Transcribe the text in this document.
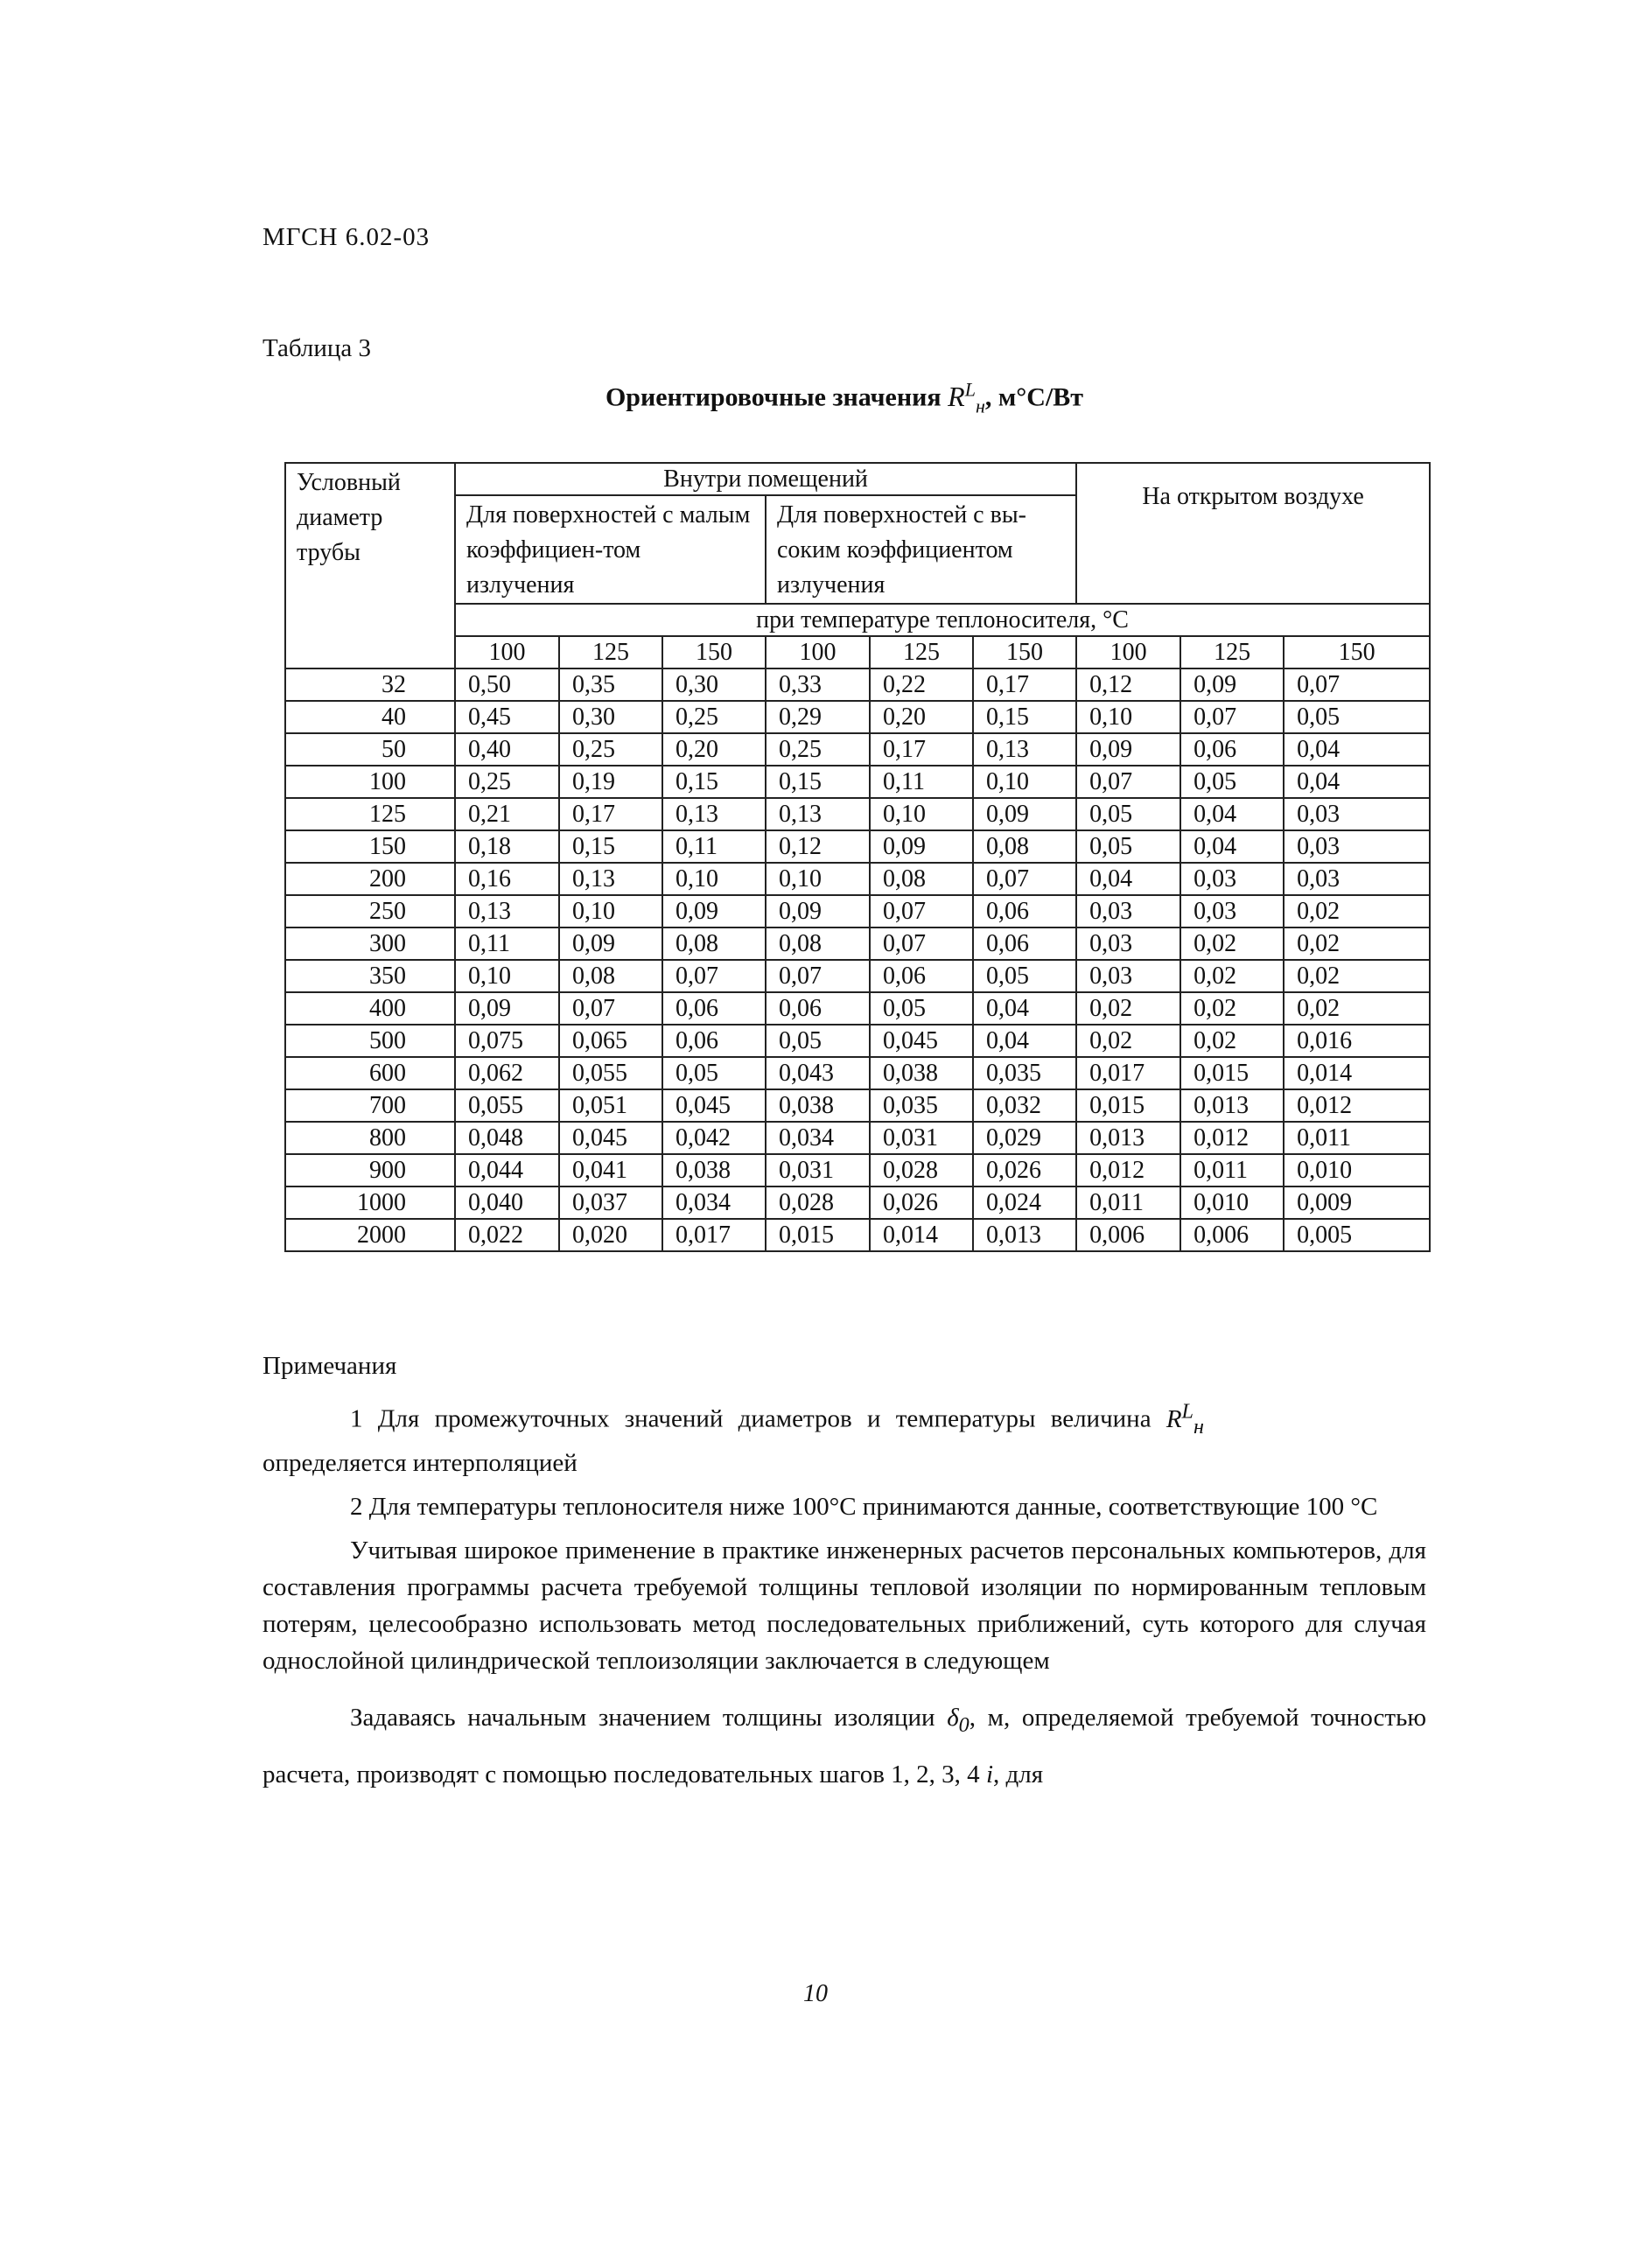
МГСН 6.02-03
Таблица 3
Ориентировочные значения $R^L_н$, м°С/Вт
Условный диаметр трубы	Внутри помещений						На открытом воздухе		
	Для поверхностей с малым коэффициен-том излучения			Для поверхностей с вы-соким коэффициентом излучения					
	при температуре теплоносителя, °С								
	100	125	150	100	125	150	100	125	150
32	0,50	0,35	0,30	0,33	0,22	0,17	0,12	0,09	0,07
40	0,45	0,30	0,25	0,29	0,20	0,15	0,10	0,07	0,05
50	0,40	0,25	0,20	0,25	0,17	0,13	0,09	0,06	0,04
100	0,25	0,19	0,15	0,15	0,11	0,10	0,07	0,05	0,04
125	0,21	0,17	0,13	0,13	0,10	0,09	0,05	0,04	0,03
150	0,18	0,15	0,11	0,12	0,09	0,08	0,05	0,04	0,03
200	0,16	0,13	0,10	0,10	0,08	0,07	0,04	0,03	0,03
250	0,13	0,10	0,09	0,09	0,07	0,06	0,03	0,03	0,02
300	0,11	0,09	0,08	0,08	0,07	0,06	0,03	0,02	0,02
350	0,10	0,08	0,07	0,07	0,06	0,05	0,03	0,02	0,02
400	0,09	0,07	0,06	0,06	0,05	0,04	0,02	0,02	0,02
500	0,075	0,065	0,06	0,05	0,045	0,04	0,02	0,02	0,016
600	0,062	0,055	0,05	0,043	0,038	0,035	0,017	0,015	0,014
700	0,055	0,051	0,045	0,038	0,035	0,032	0,015	0,013	0,012
800	0,048	0,045	0,042	0,034	0,031	0,029	0,013	0,012	0,011
900	0,044	0,041	0,038	0,031	0,028	0,026	0,012	0,011	0,010
1000	0,040	0,037	0,034	0,028	0,026	0,024	0,011	0,010	0,009
2000	0,022	0,020	0,017	0,015	0,014	0,013	0,006	0,006	0,005

Примечания

1 Для промежуточных значений диаметров и температуры величина $R^L_н$

определяется интерполяцией

2 Для температуры теплоносителя ниже 100°С принимаются данные, соответствующие 100 °С

Учитывая широкое применение в практике инженерных расчетов персональных компьютеров, для составления программы расчета требуемой толщины тепловой изоляции по нормированным тепловым потерям, целесообразно использовать метод последовательных приближений, суть которого для случая однослойной цилиндрической теплоизоляции заключается в следующем

Задаваясь начальным значением толщины изоляции $\delta_0$, м, определяемой требуемой точностью расчета, производят с помощью последовательных шагов 1, 2, 3, 4 i, для

10
